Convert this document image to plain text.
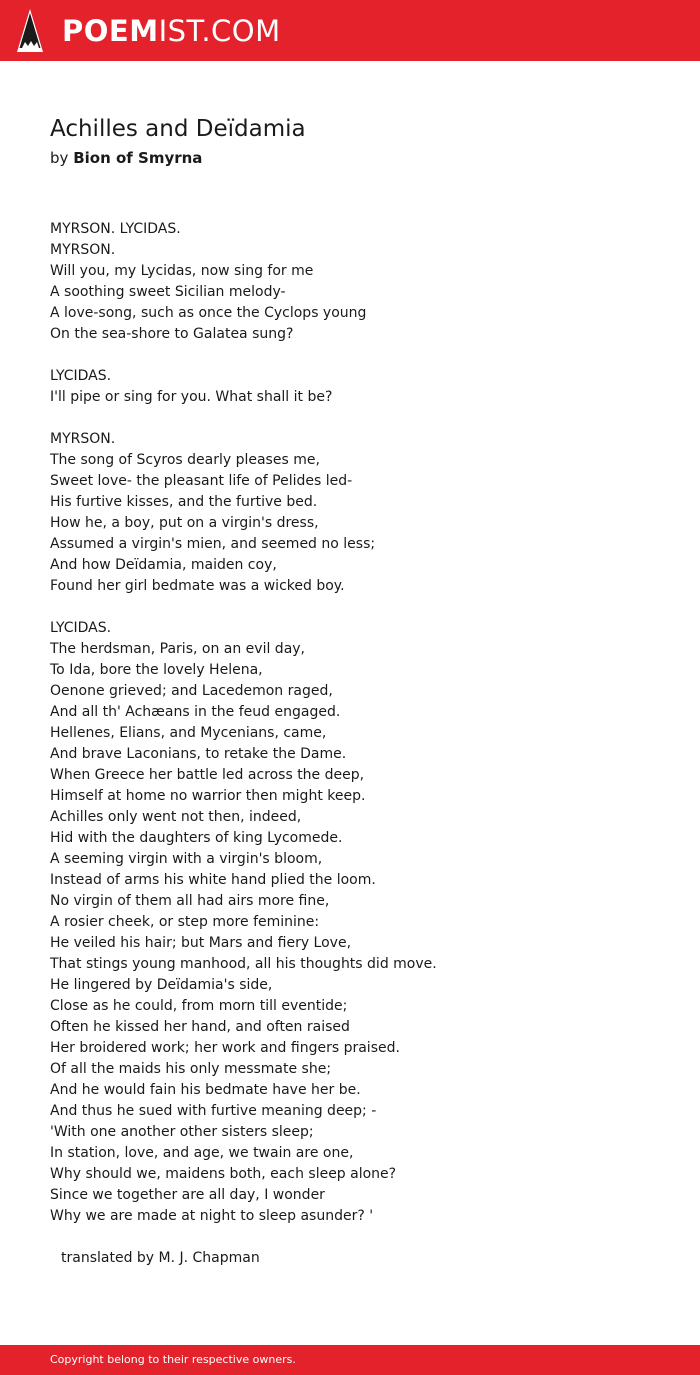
POEMIST.COM
Achilles and Deïdamia
by Bion of Smyrna
MYRSON. LYCIDAS.
MYRSON.
Will you, my Lycidas, now sing for me
A soothing sweet Sicilian melody-
A love-song, such as once the Cyclops young
On the sea-shore to Galatea sung?
LYCIDAS.
I'll pipe or sing for you. What shall it be?
MYRSON.
The song of Scyros dearly pleases me,
Sweet love- the pleasant life of Pelides led-
His furtive kisses, and the furtive bed.
How he, a boy, put on a virgin's dress,
Assumed a virgin's mien, and seemed no less;
And how Deïdamia, maiden coy,
Found her girl bedmate was a wicked boy.
LYCIDAS.
The herdsman, Paris, on an evil day,
To Ida, bore the lovely Helena,
Oenone grieved; and Lacedemon raged,
And all th' Achæans in the feud engaged.
Hellenes, Elians, and Mycenians, came,
And brave Laconians, to retake the Dame.
When Greece her battle led across the deep,
Himself at home no warrior then might keep.
Achilles only went not then, indeed,
Hid with the daughters of king Lycomede.
A seeming virgin with a virgin's bloom,
Instead of arms his white hand plied the loom.
No virgin of them all had airs more fine,
A rosier cheek, or step more feminine:
He veiled his hair; but Mars and fiery Love,
That stings young manhood, all his thoughts did move.
He lingered by Deïdamia's side,
Close as he could, from morn till eventide;
Often he kissed her hand, and often raised
Her broidered work; her work and fingers praised.
Of all the maids his only messmate she;
And he would fain his bedmate have her be.
And thus he sued with furtive meaning deep; -
'With one another other sisters sleep;
In station, love, and age, we twain are one,
Why should we, maidens both, each sleep alone?
Since we together are all day, I wonder
Why we are made at night to sleep asunder? '
translated by M. J. Chapman
Copyright belong to their respective owners.
